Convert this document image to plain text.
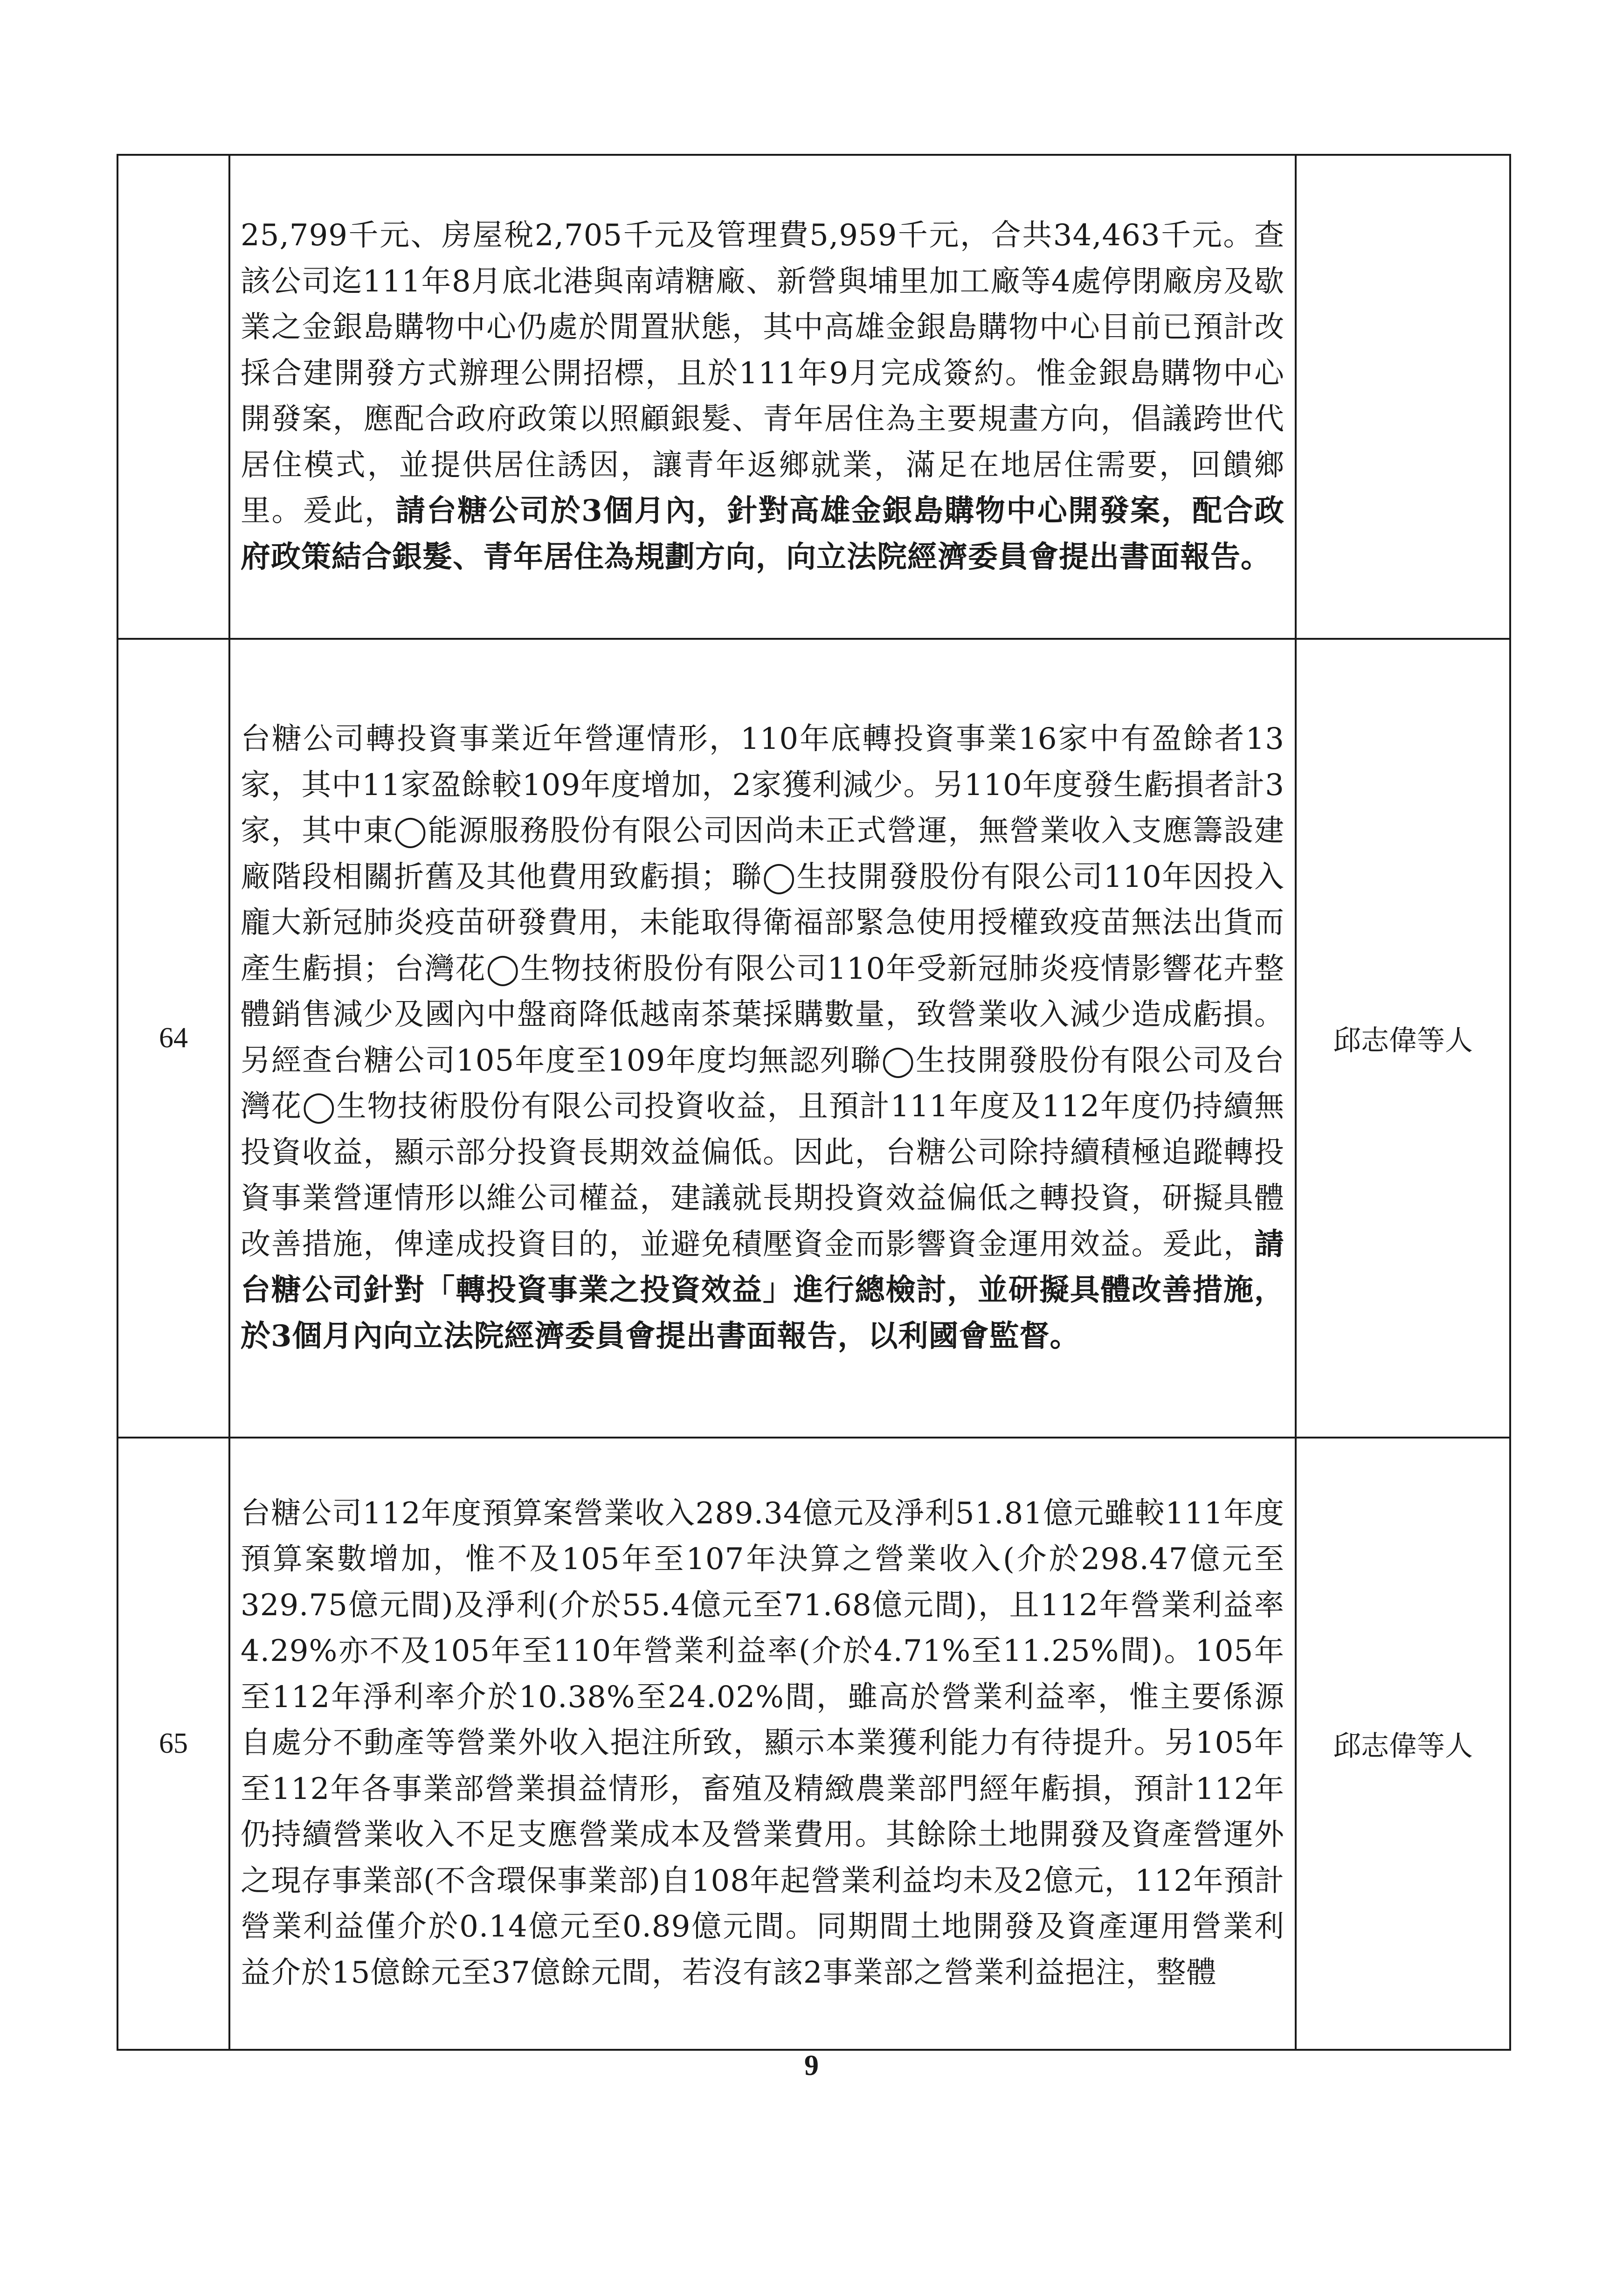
	25,799千元、房屋稅2,705千元及管理費5,959千元，合共34,463千元。查該公司迄111年8月底北港與南靖糖廠、新營與埔里加工廠等4處停閉廠房及歇業之金銀島購物中心仍處於閒置狀態，其中高雄金銀島購物中心目前已預計改採合建開發方式辦理公開招標，且於111年9月完成簽約。惟金銀島購物中心開發案，應配合政府政策以照顧銀髮、青年居住為主要規畫方向，倡議跨世代居住模式，並提供居住誘因，讓青年返鄉就業，滿足在地居住需要，回饋鄉里。爰此，請台糖公司於3個月內，針對高雄金銀島購物中心開發案，配合政府政策結合銀髮、青年居住為規劃方向，向立法院經濟委員會提出書面報告。	

64	台糖公司轉投資事業近年營運情形，110年底轉投資事業16家中有盈餘者13家，其中11家盈餘較109年度增加，2家獲利減少。另110年度發生虧損者計3家，其中東◯能源服務股份有限公司因尚未正式營運，無營業收入支應籌設建廠階段相關折舊及其他費用致虧損；聯◯生技開發股份有限公司110年因投入龐大新冠肺炎疫苗研發費用，未能取得衛福部緊急使用授權致疫苗無法出貨而產生虧損；台灣花◯生物技術股份有限公司110年受新冠肺炎疫情影響花卉整體銷售減少及國內中盤商降低越南茶葉採購數量，致營業收入減少造成虧損。另經查台糖公司105年度至109年度均無認列聯◯生技開發股份有限公司及台灣花◯生物技術股份有限公司投資收益，且預計111年度及112年度仍持續無投資收益，顯示部分投資長期效益偏低。因此，台糖公司除持續積極追蹤轉投資事業營運情形以維公司權益，建議就長期投資效益偏低之轉投資，研擬具體改善措施，俾達成投資目的，並避免積壓資金而影響資金運用效益。爰此，請台糖公司針對「轉投資事業之投資效益」進行總檢討，並研擬具體改善措施，於3個月內向立法院經濟委員會提出書面報告，以利國會監督。	邱志偉等人
65	台糖公司112年度預算案營業收入289.34億元及淨利51.81億元雖較111年度預算案數增加，惟不及105年至107年決算之營業收入(介於298.47億元至329.75億元間)及淨利(介於55.4億元至71.68億元間)，且112年營業利益率4.29%亦不及105年至110年營業利益率(介於4.71%至11.25%間)。105年至112年淨利率介於10.38%至24.02%間，雖高於營業利益率，惟主要係源自處分不動產等營業外收入挹注所致，顯示本業獲利能力有待提升。另105年至112年各事業部營業損益情形，畜殖及精緻農業部門經年虧損，預計112年仍持續營業收入不足支應營業成本及營業費用。其餘除土地開發及資產營運外之現存事業部(不含環保事業部)自108年起營業利益均未及2億元，112年預計營業利益僅介於0.14億元至0.89億元間。同期間土地開發及資產運用營業利益介於15億餘元至37億餘元間，若沒有該2事業部之營業利益挹注，整體	邱志偉等人
9
